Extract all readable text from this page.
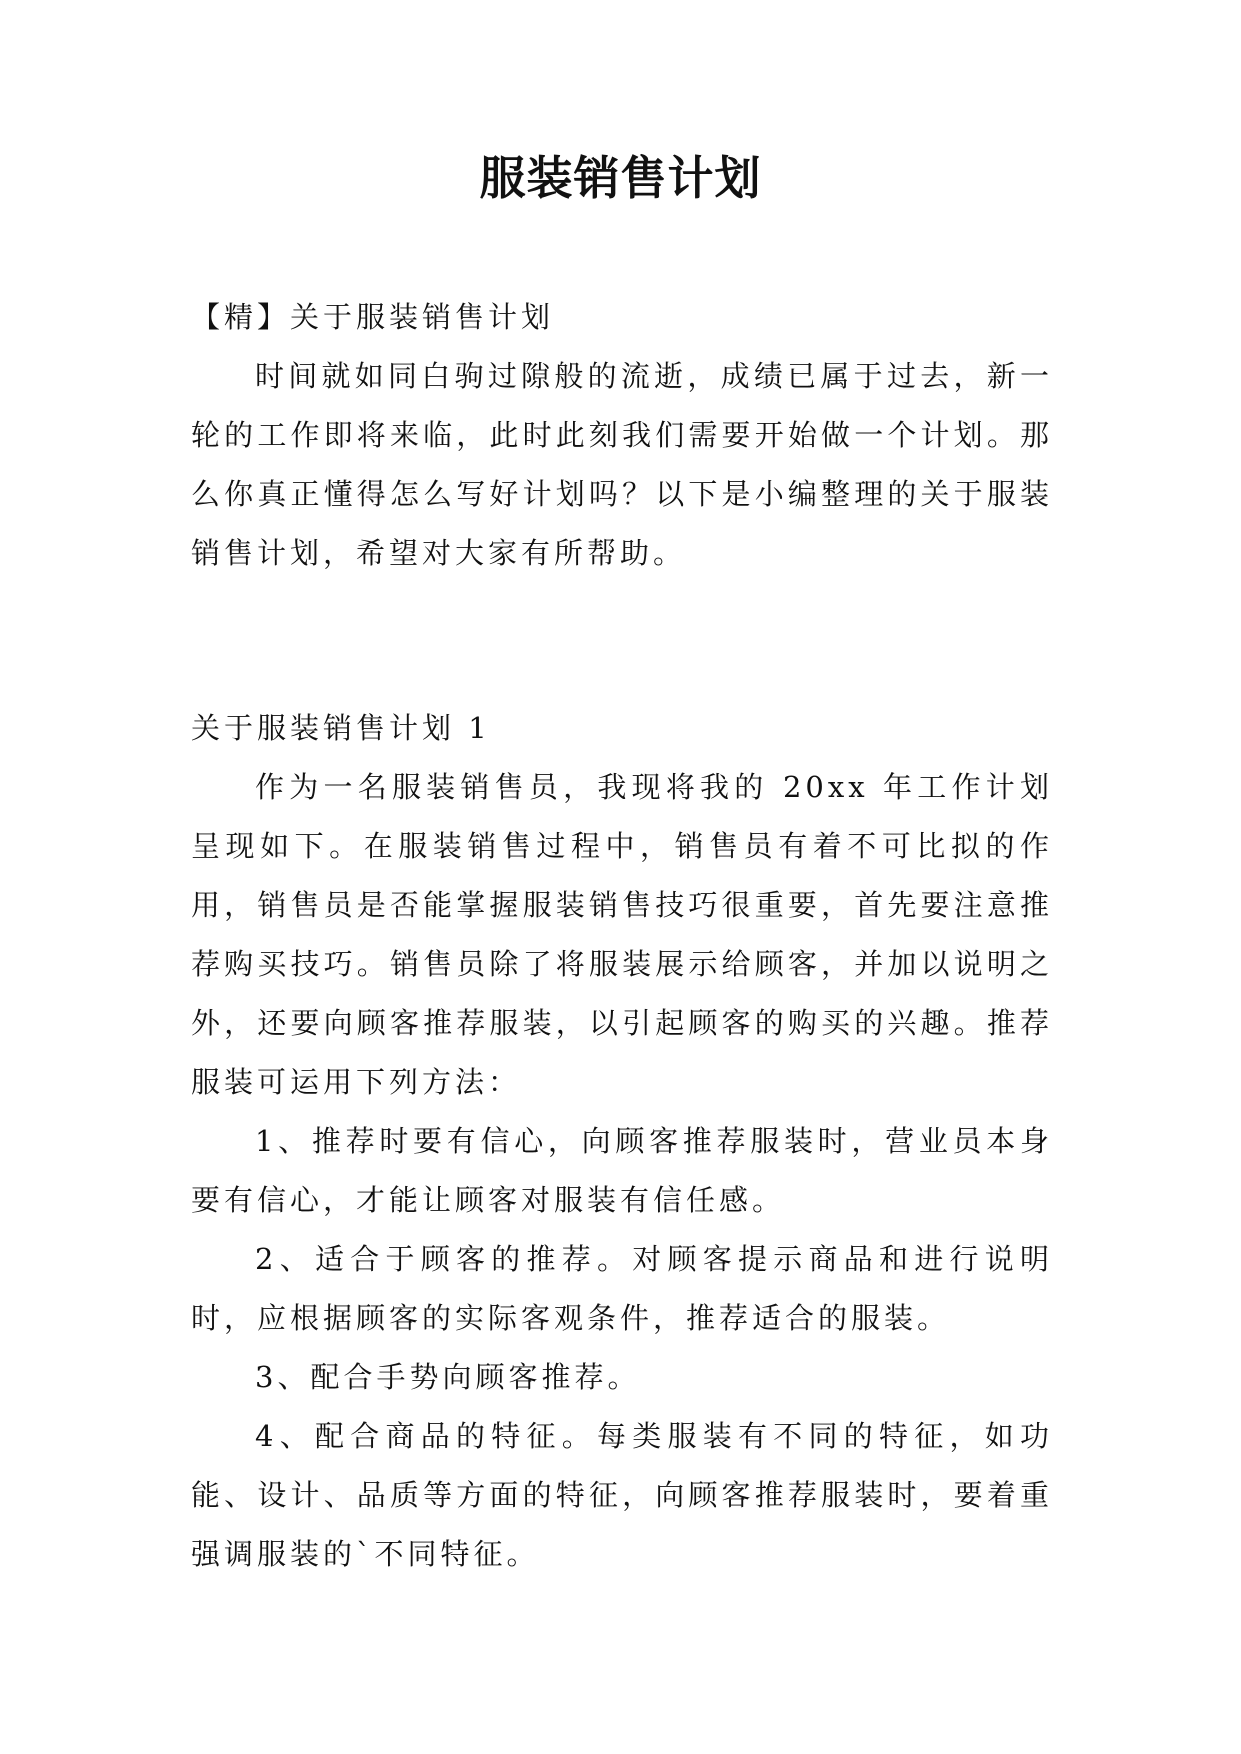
服装销售计划

【精】关于服装销售计划

时间就如同白驹过隙般的流逝，成绩已属于过去，新一轮的工作即将来临，此时此刻我们需要开始做一个计划。那么你真正懂得怎么写好计划吗？以下是小编整理的关于服装销售计划，希望对大家有所帮助。

关于服装销售计划 1

作为一名服装销售员，我现将我的 20xx 年工作计划呈现如下。在服装销售过程中，销售员有着不可比拟的作用，销售员是否能掌握服装销售技巧很重要，首先要注意推荐购买技巧。销售员除了将服装展示给顾客，并加以说明之外，还要向顾客推荐服装，以引起顾客的购买的兴趣。推荐服装可运用下列方法：

1、推荐时要有信心，向顾客推荐服装时，营业员本身要有信心，才能让顾客对服装有信任感。

2、适合于顾客的推荐。对顾客提示商品和进行说明时，应根据顾客的实际客观条件，推荐适合的服装。

3、配合手势向顾客推荐。

4、配合商品的特征。每类服装有不同的特征，如功能、设计、品质等方面的特征，向顾客推荐服装时，要着重强调服装的`不同特征。
